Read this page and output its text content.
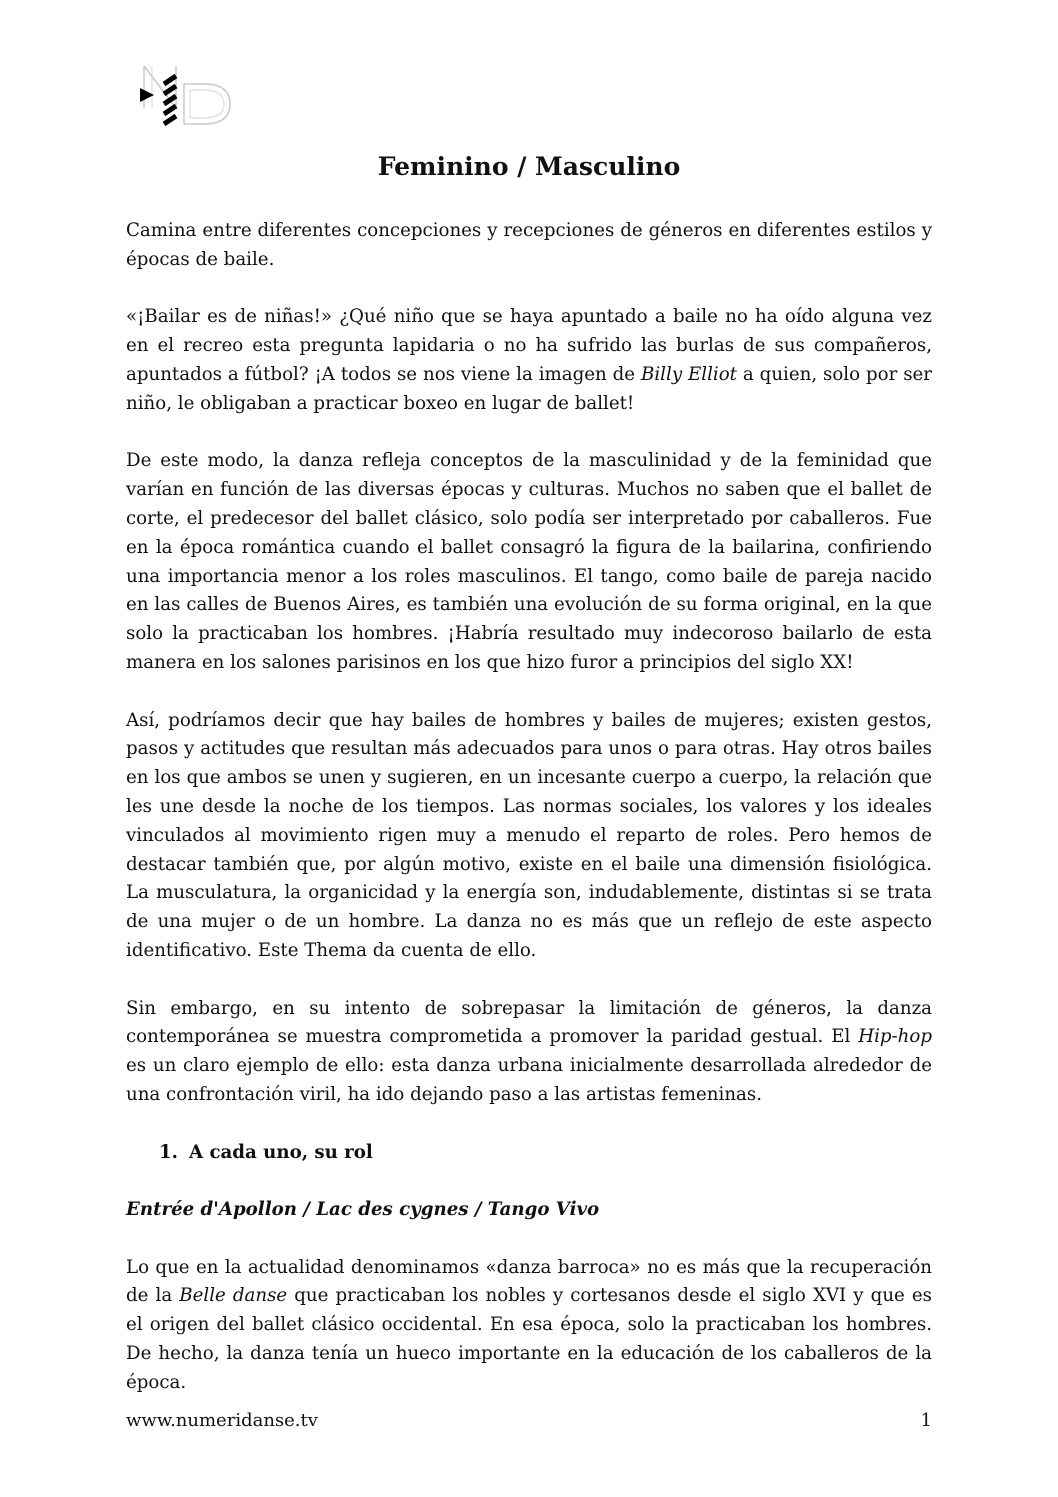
Feminino / Masculino

Camina entre diferentes concepciones y recepciones de géneros en diferentes estilos y épocas de baile.

«¡Bailar es de niñas!» ¿Qué niño que se haya apuntado a baile no ha oído alguna vez en el recreo esta pregunta lapidaria o no ha sufrido las burlas de sus compañeros, apuntados a fútbol? ¡A todos se nos viene la imagen de Billy Elliot a quien, solo por ser niño, le obligaban a practicar boxeo en lugar de ballet!

De este modo, la danza refleja conceptos de la masculinidad y de la feminidad que varían en función de las diversas épocas y culturas. Muchos no saben que el ballet de corte, el predecesor del ballet clásico, solo podía ser interpretado por caballeros. Fue en la época romántica cuando el ballet consagró la figura de la bailarina, confiriendo una importancia menor a los roles masculinos. El tango, como baile de pareja nacido en las calles de Buenos Aires, es también una evolución de su forma original, en la que solo la practicaban los hombres. ¡Habría resultado muy indecoroso bailarlo de esta manera en los salones parisinos en los que hizo furor a principios del siglo XX!

Así, podríamos decir que hay bailes de hombres y bailes de mujeres; existen gestos, pasos y actitudes que resultan más adecuados para unos o para otras. Hay otros bailes en los que ambos se unen y sugieren, en un incesante cuerpo a cuerpo, la relación que les une desde la noche de los tiempos. Las normas sociales, los valores y los ideales vinculados al movimiento rigen muy a menudo el reparto de roles. Pero hemos de destacar también que, por algún motivo, existe en el baile una dimensión fisiológica. La musculatura, la organicidad y la energía son, indudablemente, distintas si se trata de una mujer o de un hombre. La danza no es más que un reflejo de este aspecto identificativo. Este Thema da cuenta de ello.

Sin embargo, en su intento de sobrepasar la limitación de géneros, la danza contemporánea se muestra comprometida a promover la paridad gestual. El Hip-hop es un claro ejemplo de ello: esta danza urbana inicialmente desarrollada alrededor de una confrontación viril, ha ido dejando paso a las artistas femeninas.

1. A cada uno, su rol
Entrée d'Apollon / Lac des cygnes / Tango Vivo

Lo que en la actualidad denominamos «danza barroca» no es más que la recuperación de la Belle danse que practicaban los nobles y cortesanos desde el siglo XVI y que es el origen del ballet clásico occidental. En esa época, solo la practicaban los hombres. De hecho, la danza tenía un hueco importante en la educación de los caballeros de la época.

www.numeridanse.tv	1
